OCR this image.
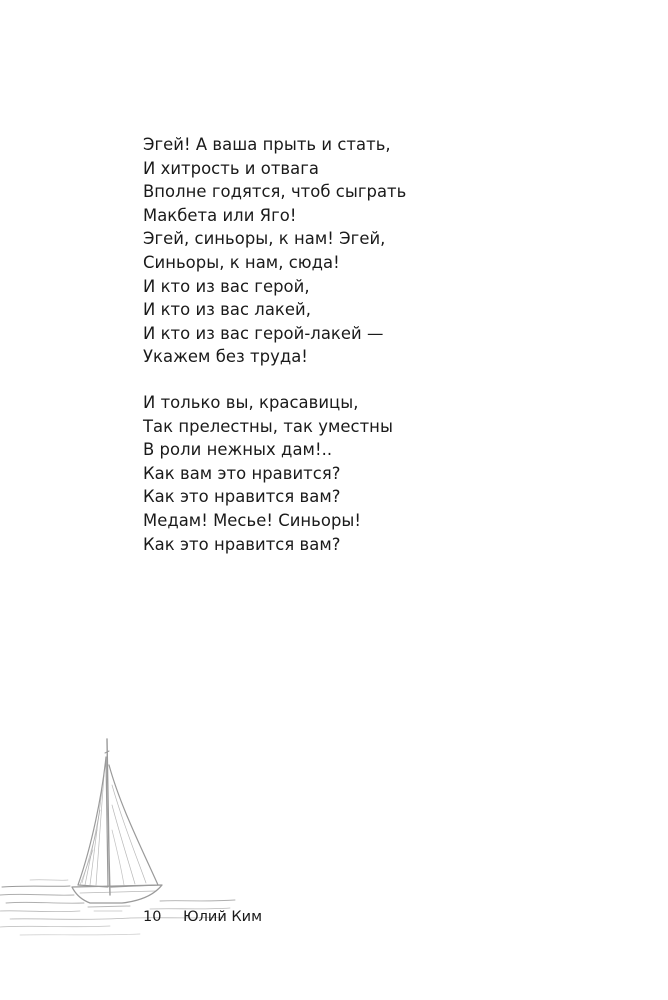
Эгей! А ваша прыть и стать,
И хитрость и отвага
Вполне годятся, чтоб сыграть
Макбета или Яго!
Эгей, синьоры, к нам! Эгей,
Синьоры, к нам, сюда!
И кто из вас герой,
И кто из вас лакей,
И кто из вас герой-лакей —
Укажем без труда!
И только вы, красавицы,
Так прелестны, так уместны
В роли нежных дам!..
Как вам это нравится?
Как это нравится вам?
Медам! Месье! Синьоры!
Как это нравится вам?
10 Юлий Ким
